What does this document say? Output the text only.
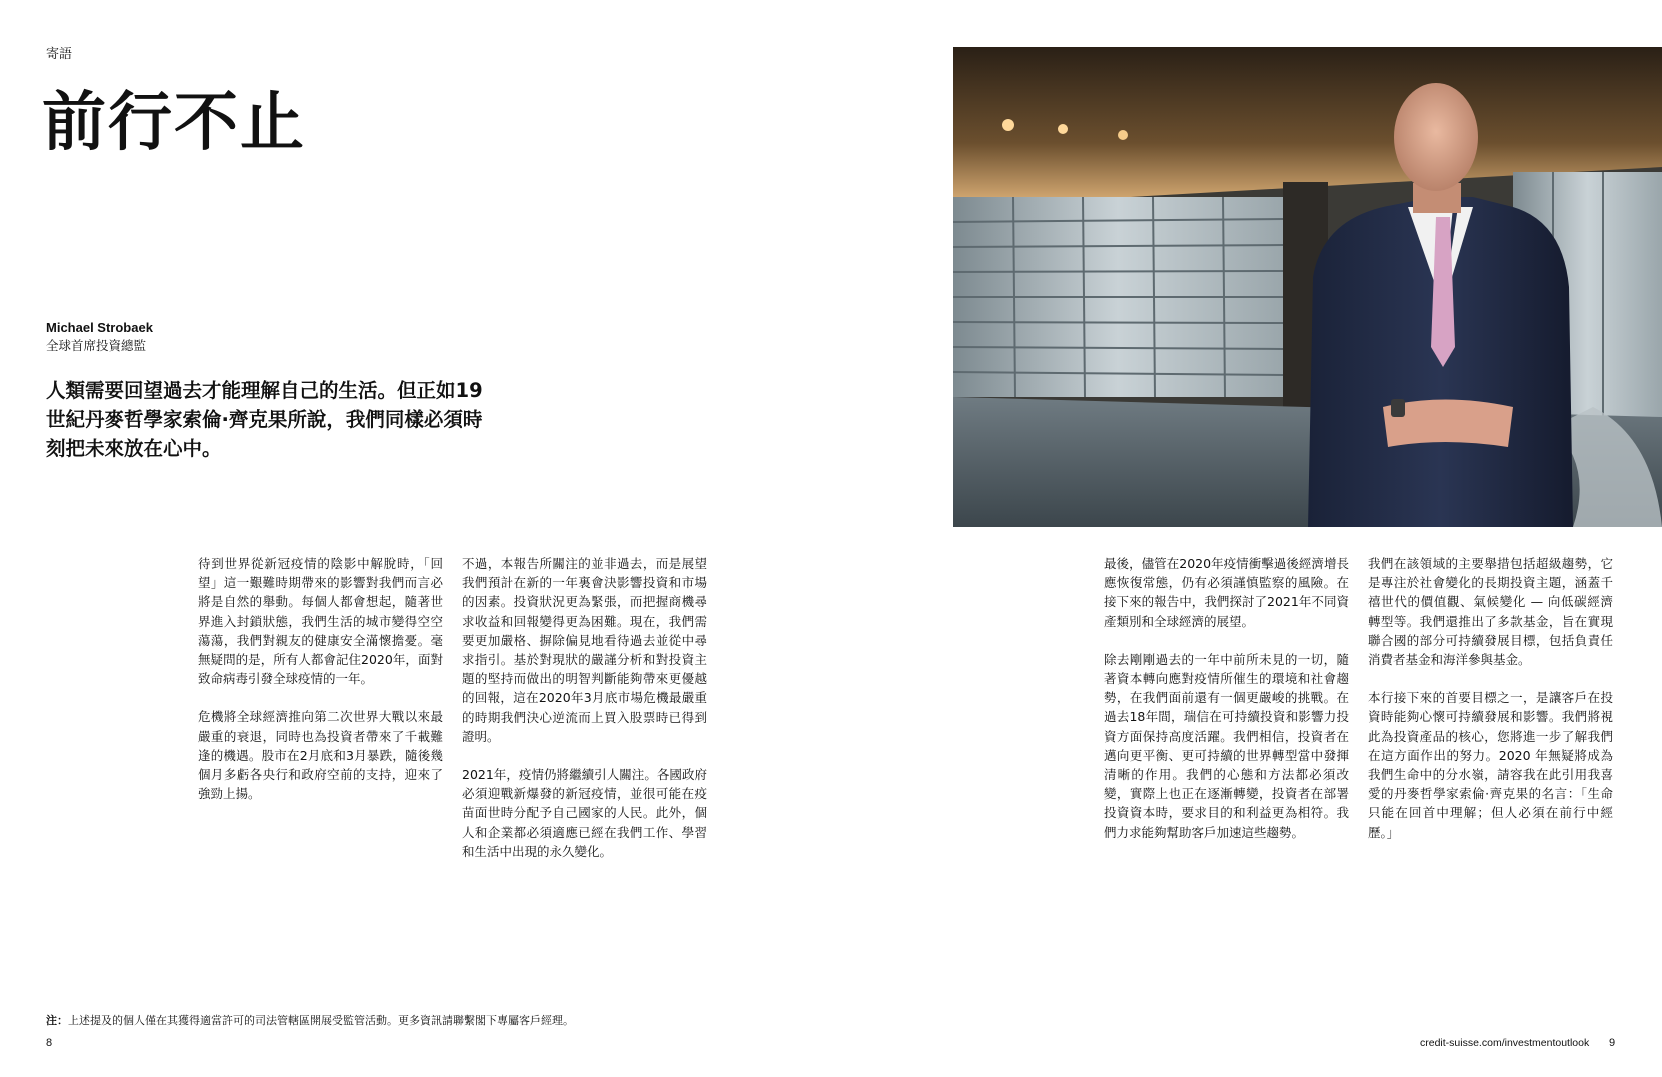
寄語
前行不止
Michael Strobaek
全球首席投資總監

人類需要回望過去才能理解自己的生活。但正如19世紀丹麥哲學家索倫·齊克果所說，我們同樣必須時刻把未來放在心中。

待到世界從新冠疫情的陰影中解脫時，「回望」這一艱難時期帶來的影響對我們而言必將是自然的舉動。每個人都會想起，隨著世界進入封鎖狀態，我們生活的城市變得空空蕩蕩，我們對親友的健康安全滿懷擔憂。毫無疑問的是，所有人都會記住2020年，面對致命病毒引發全球疫情的一年。

危機將全球經濟推向第二次世界大戰以來最嚴重的衰退，同時也為投資者帶來了千載難逢的機遇。股市在2月底和3月暴跌，隨後幾個月多虧各央行和政府空前的支持，迎來了強勁上揚。

不過，本報告所關注的並非過去，而是展望我們預計在新的一年裏會決影響投資和市場的因素。投資狀況更為緊張，而把握商機尋求收益和回報變得更為困難。現在，我們需要更加嚴格、摒除偏見地看待過去並從中尋求指引。基於對現狀的嚴謹分析和對投資主題的堅持而做出的明智判斷能夠帶來更優越的回報，這在2020年3月底市場危機最嚴重的時期我們決心逆流而上買入股票時已得到證明。

2021年，疫情仍將繼續引人關注。各國政府必須迎戰新爆發的新冠疫情，並很可能在疫苗面世時分配予自己國家的人民。此外，個人和企業都必須適應已經在我們工作、學習和生活中出現的永久變化。

最後，儘管在2020年疫情衝擊過後經濟增長應恢復常態，仍有必須謹慎監察的風險。在接下來的報告中，我們探討了2021年不同資產類別和全球經濟的展望。

除去剛剛過去的一年中前所未見的一切，隨著資本轉向應對疫情所催生的環境和社會趨勢，在我們面前還有一個更嚴峻的挑戰。在過去18年間，瑞信在可持續投資和影響力投資方面保持高度活躍。我們相信，投資者在邁向更平衡、更可持續的世界轉型當中發揮清晰的作用。我們的心態和方法都必須改變，實際上也正在逐漸轉變，投資者在部署投資資本時，要求目的和利益更為相符。我們力求能夠幫助客戶加速這些趨勢。

我們在該領域的主要舉措包括超級趨勢，它是專注於社會變化的長期投資主題，涵蓋千禧世代的價值觀、氣候變化 — 向低碳經濟轉型等。我們還推出了多款基金，旨在實現聯合國的部分可持續發展目標，包括負責任消費者基金和海洋參與基金。

本行接下來的首要目標之一，是讓客戶在投資時能夠心懷可持續發展和影響。我們將視此為投資產品的核心，您將進一步了解我們在這方面作出的努力。2020 年無疑將成為我們生命中的分水嶺，請容我在此引用我喜愛的丹麥哲學家索倫·齊克果的名言：「生命只能在回首中理解；但人必須在前行中經歷。」

注：上述提及的個人僅在其獲得適當許可的司法管轄區開展受監管活動。更多資訊請聯繫閣下專屬客戶經理。
8	credit-suisse.com/investmentoutlook 9
